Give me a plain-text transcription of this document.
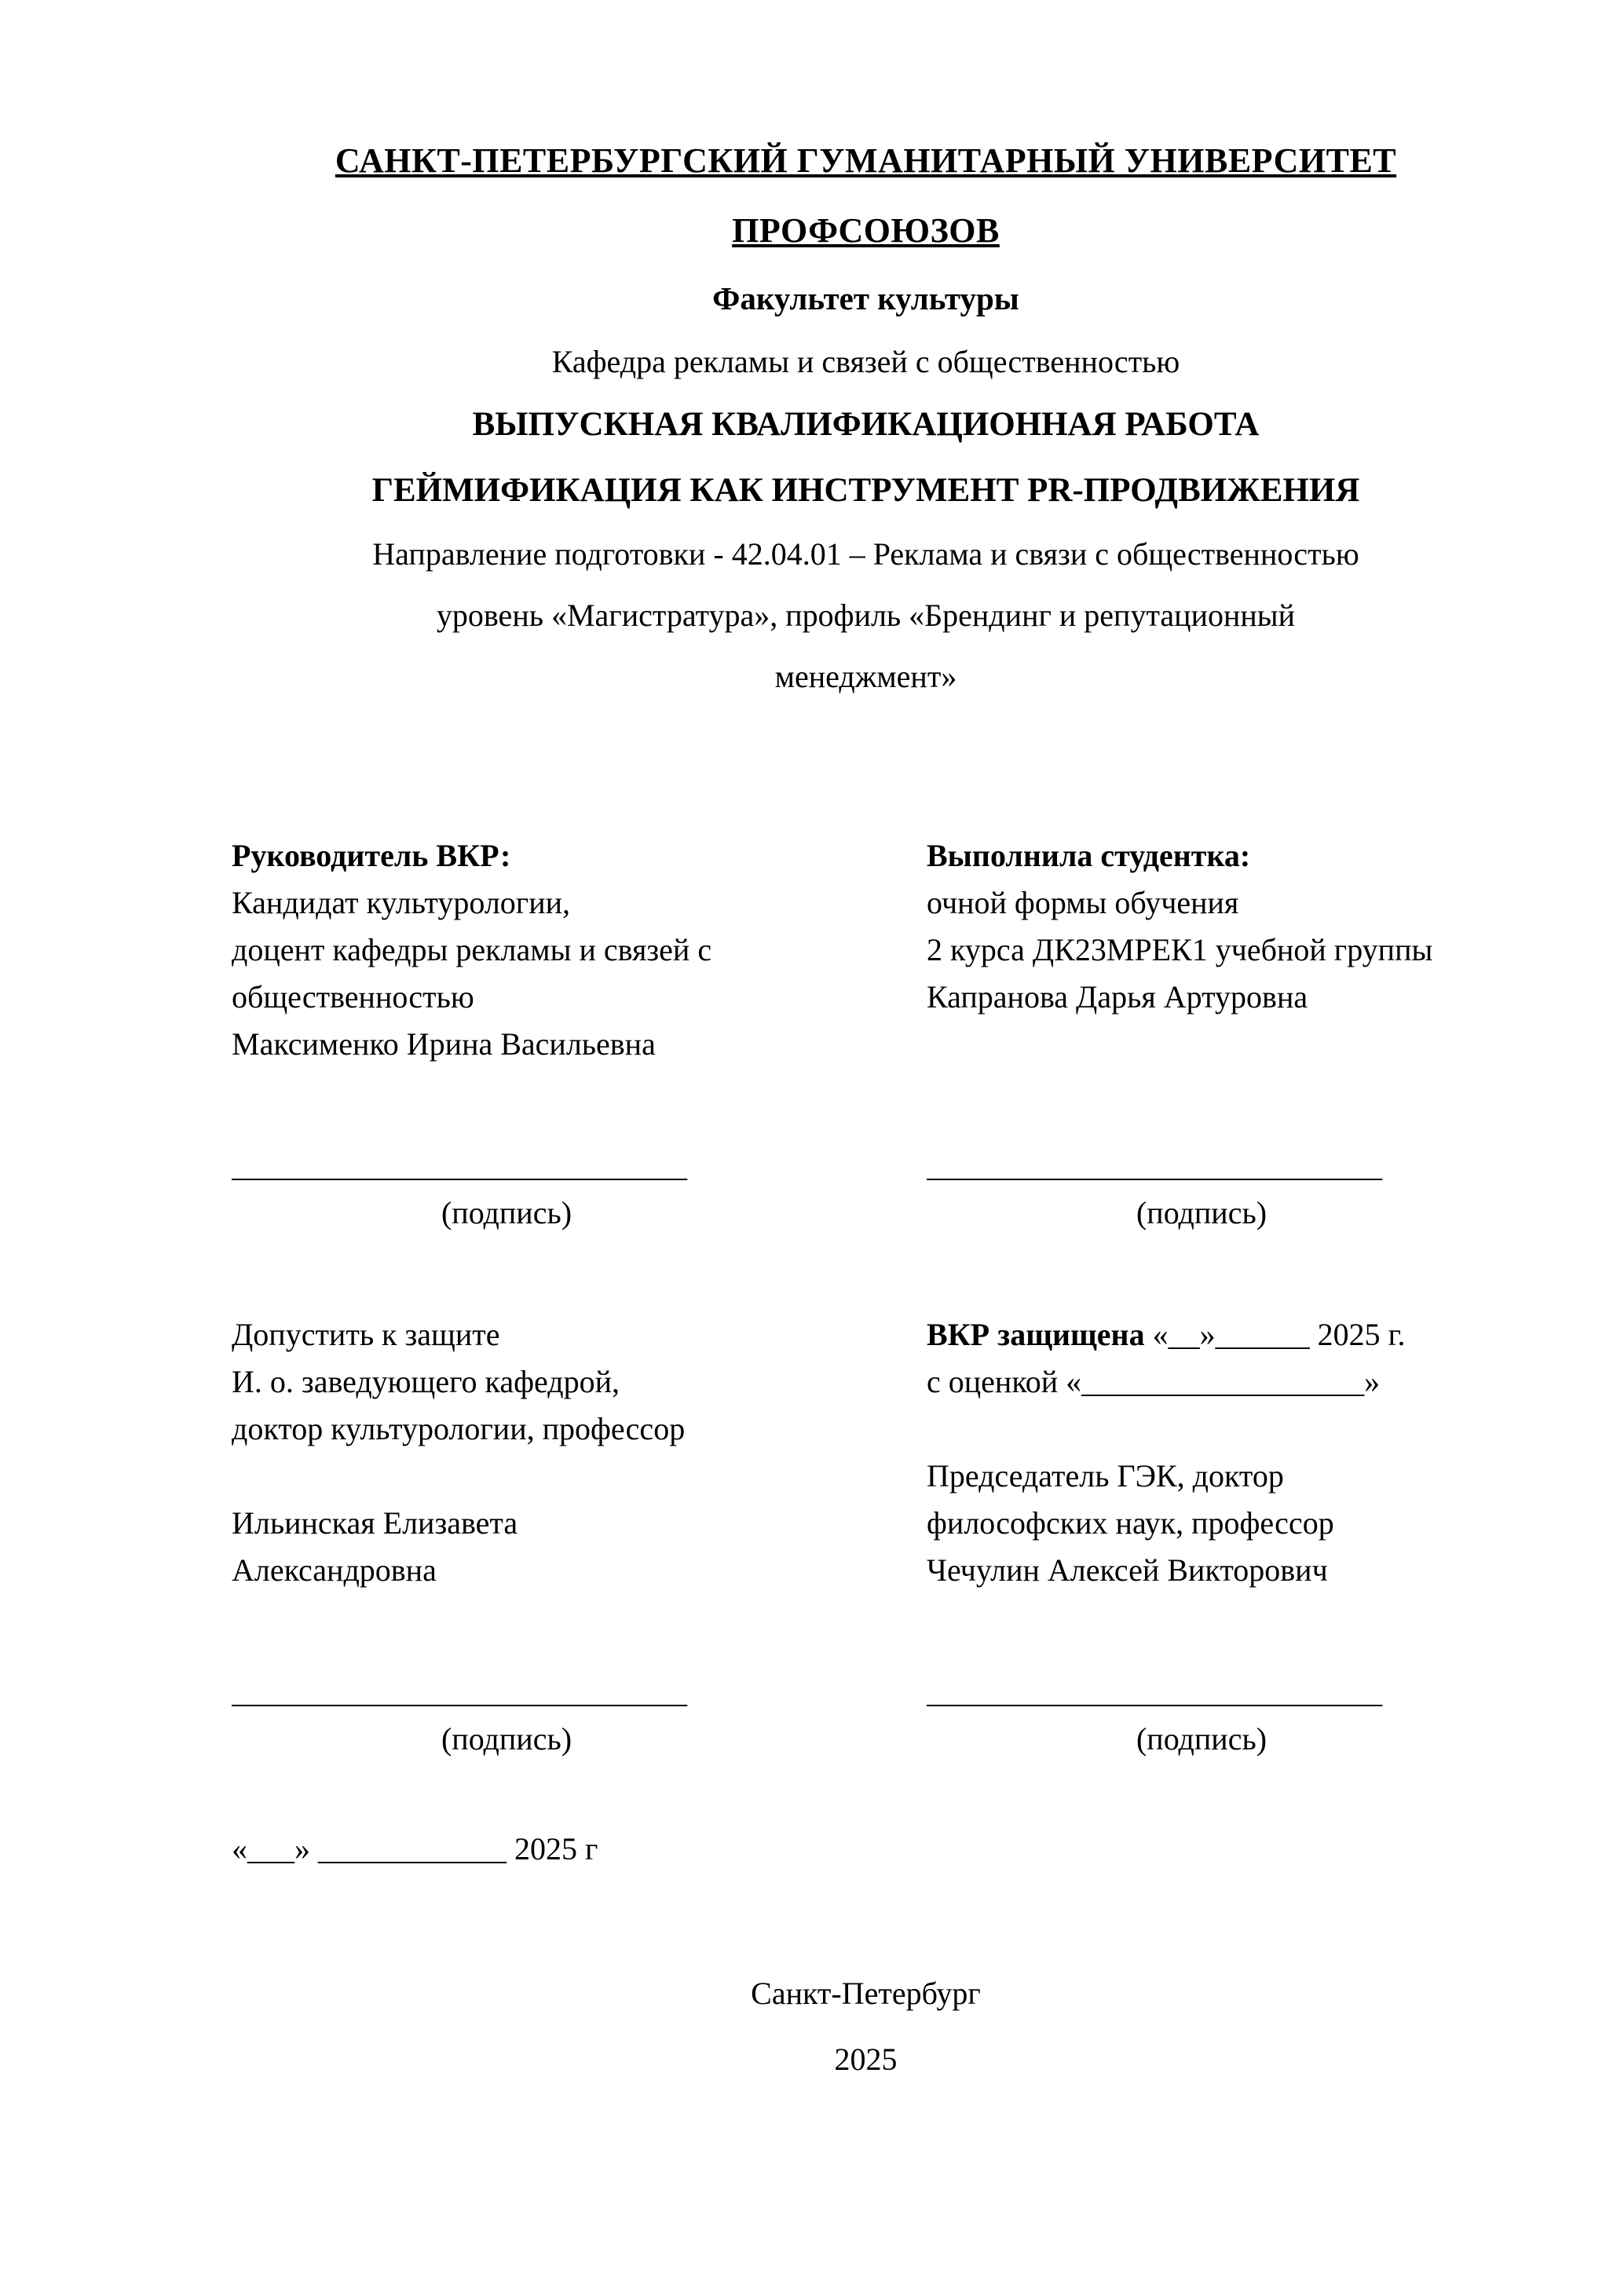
САНКТ-ПЕТЕРБУРГСКИЙ ГУМАНИТАРНЫЙ УНИВЕРСИТЕТ

ПРОФСОЮЗОВ

Факультет культуры

Кафедра рекламы и связей с общественностью

ВЫПУСКНАЯ КВАЛИФИКАЦИОННАЯ РАБОТА

ГЕЙМИФИКАЦИЯ КАК ИНСТРУМЕНТ PR-ПРОДВИЖЕНИЯ

Направление подготовки - 42.04.01 – Реклама и связи с общественностью

уровень «Магистратура», профиль «Брендинг и репутационный

менеджмент»

Руководитель ВКР:

Кандидат культурологии,

доцент кафедры рекламы и связей с

общественностью

Максименко Ирина Васильевна

_____________________________

(подпись)

Допустить к защите

И. о. заведующего кафедрой,

доктор культурологии, профессор

Ильинская Елизавета

Александровна

_____________________________

(подпись)

«___» ____________ 2025 г

Выполнила студентка:

очной формы обучения

2 курса ДК23МРЕК1 учебной группы

Капранова Дарья Артуровна

_____________________________

(подпись)

ВКР защищена «__»______ 2025 г.

с оценкой «__________________»

Председатель ГЭК, доктор

философских наук, профессор

Чечулин Алексей Викторович

_____________________________

(подпись)

Санкт-Петербург

2025
